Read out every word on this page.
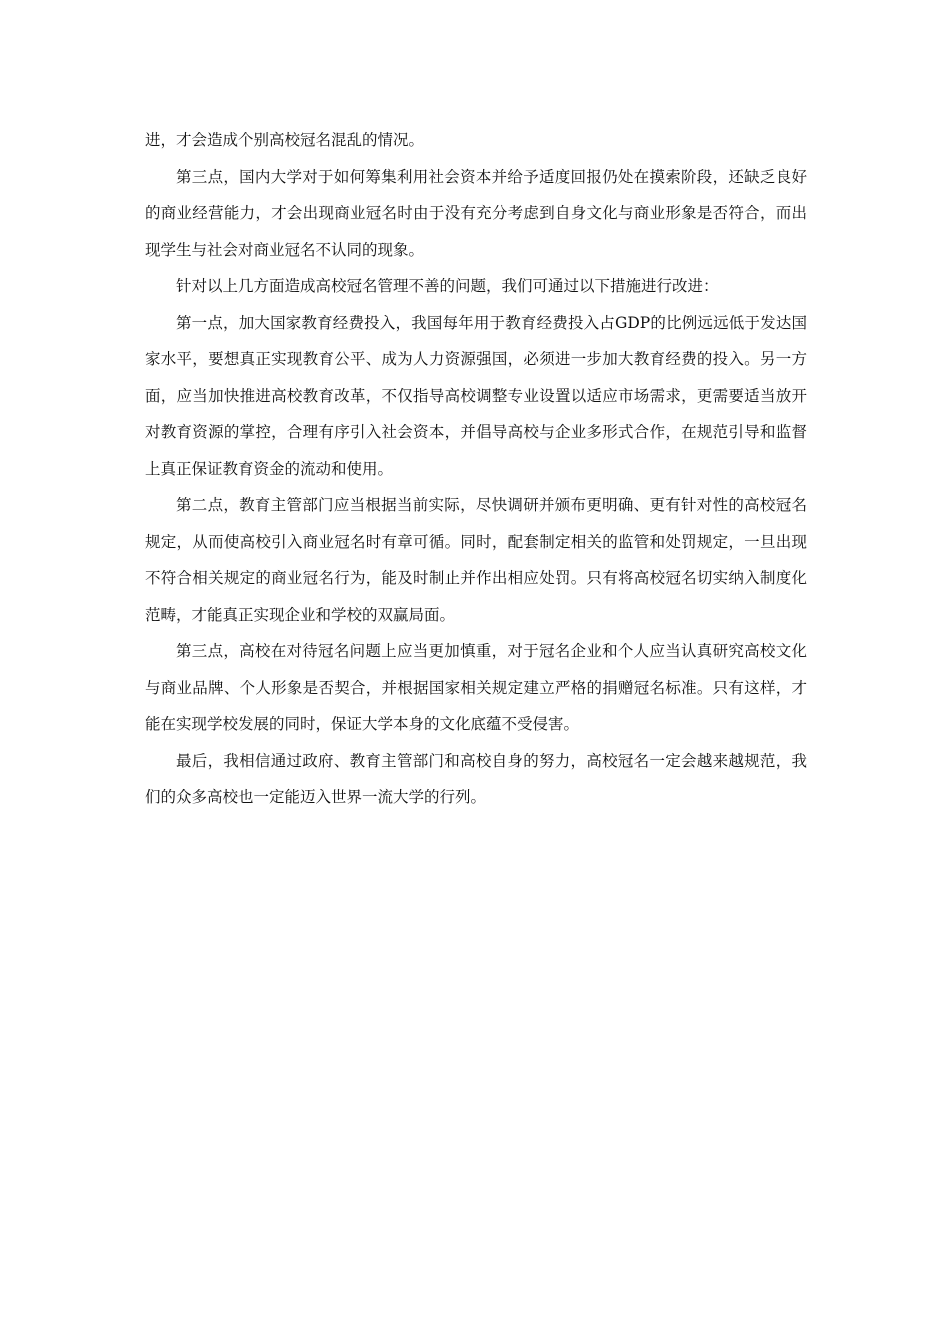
进，才会造成个别高校冠名混乱的情况。

第三点，国内大学对于如何筹集利用社会资本并给予适度回报仍处在摸索阶段，还缺乏良好的商业经营能力，才会出现商业冠名时由于没有充分考虑到自身文化与商业形象是否符合，而出现学生与社会对商业冠名不认同的现象。

针对以上几方面造成高校冠名管理不善的问题，我们可通过以下措施进行改进：

第一点，加大国家教育经费投入，我国每年用于教育经费投入占GDP的比例远远低于发达国家水平，要想真正实现教育公平、成为人力资源强国，必须进一步加大教育经费的投入。另一方面，应当加快推进高校教育改革，不仅指导高校调整专业设置以适应市场需求，更需要适当放开对教育资源的掌控，合理有序引入社会资本，并倡导高校与企业多形式合作，在规范引导和监督上真正保证教育资金的流动和使用。

第二点，教育主管部门应当根据当前实际，尽快调研并颁布更明确、更有针对性的高校冠名规定，从而使高校引入商业冠名时有章可循。同时，配套制定相关的监管和处罚规定，一旦出现不符合相关规定的商业冠名行为，能及时制止并作出相应处罚。只有将高校冠名切实纳入制度化范畴，才能真正实现企业和学校的双赢局面。

第三点，高校在对待冠名问题上应当更加慎重，对于冠名企业和个人应当认真研究高校文化与商业品牌、个人形象是否契合，并根据国家相关规定建立严格的捐赠冠名标准。只有这样，才能在实现学校发展的同时，保证大学本身的文化底蕴不受侵害。

最后，我相信通过政府、教育主管部门和高校自身的努力，高校冠名一定会越来越规范，我们的众多高校也一定能迈入世界一流大学的行列。
